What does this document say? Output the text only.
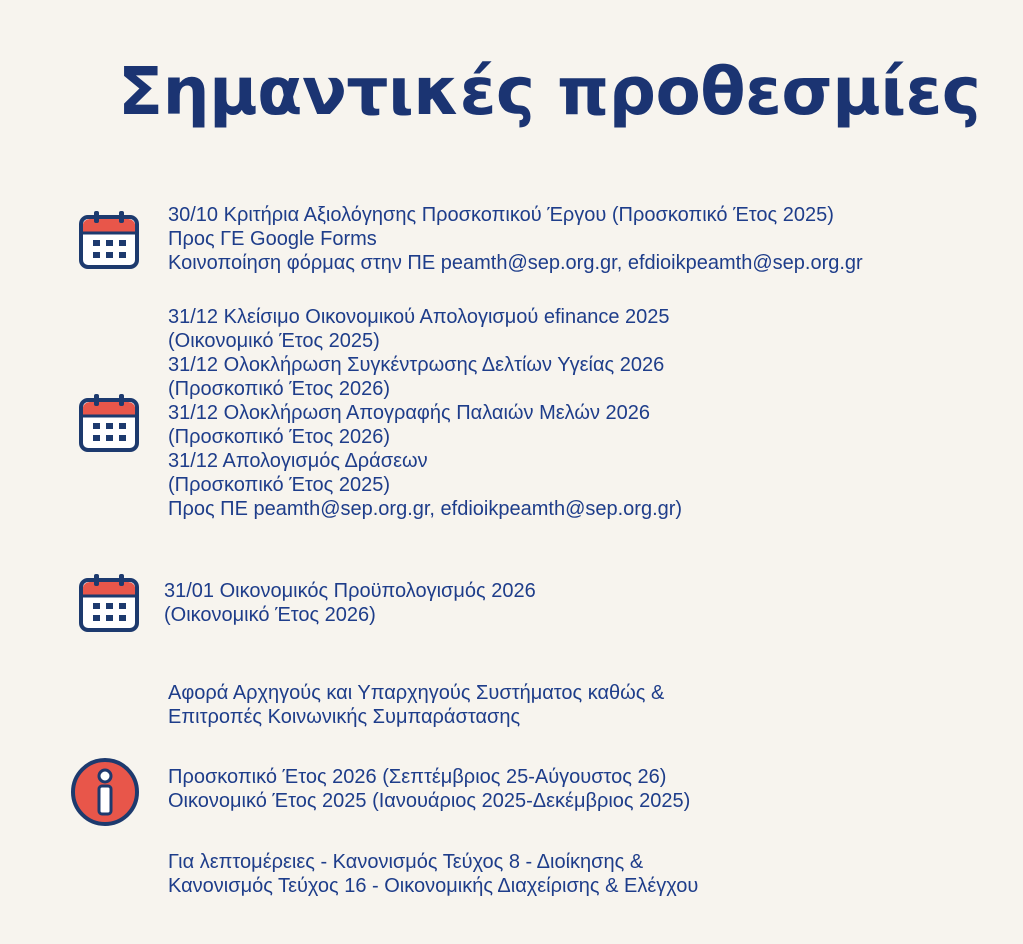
Σημαντικές προθεσμίες
30/10 Κριτήρια Αξιολόγησης Προσκοπικού Έργου (Προσκοπικό Έτος 2025)
Προς ΓΕ Google Forms
Κοινοποίηση φόρμας στην ΠΕ peamth@sep.org.gr, efdioikpeamth@sep.org.gr
31/12 Κλείσιμο Οικονομικού Απολογισμού efinance 2025
(Οικονομικό Έτος 2025)
31/12 Ολοκλήρωση Συγκέντρωσης Δελτίων Υγείας 2026
(Προσκοπικό Έτος 2026)
31/12 Ολοκλήρωση Απογραφής Παλαιών Μελών 2026
(Προσκοπικό Έτος 2026)
31/12 Απολογισμός Δράσεων
(Προσκοπικό Έτος 2025)
Προς ΠΕ peamth@sep.org.gr, efdioikpeamth@sep.org.gr)
31/01 Οικονομικός Προϋπολογισμός 2026
(Οικονομικό Έτος 2026)
Αφορά Αρχηγούς και Υπαρχηγούς Συστήματος καθώς &
Επιτροπές Κοινωνικής Συμπαράστασης
Προσκοπικό Έτος 2026 (Σεπτέμβριος 25-Αύγουστος 26)
Οικονομικό Έτος 2025 (Ιανουάριος 2025-Δεκέμβριος 2025)
Για λεπτομέρειες - Κανονισμός Τεύχος 8 - Διοίκησης &
Κανονισμός Τεύχος 16 - Οικονομικής Διαχείρισης & Ελέγχου
